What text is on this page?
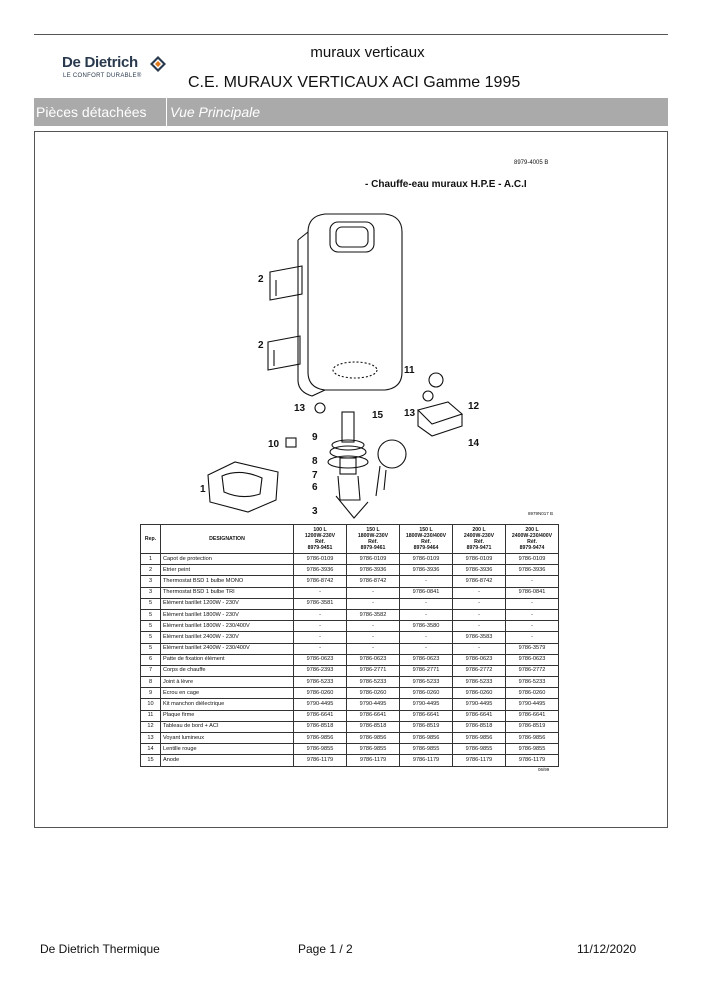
De Dietrich
LE CONFORT DURABLE®
muraux verticaux
C.E. MURAUX VERTICAUX ACI Gamme 1995
Pièces détachées	Vue Principale
8979-4005 B
- Chauffe-eau muraux H.P.E - A.C.I
2
2
13
15
11
12
13
14
10
9
8
7
6
1
3	8979N017 B
Rep.	DESIGNATION	100 L
1200W-230V
Réf.
8979-9451	150 L
1800W-230V
Réf.
8979-9461	150 L
1800W-230/400V
Réf.
8979-9464	200 L
2400W-230V
Réf.
8979-9471	200 L
2400W-230/400V
Réf.
8979-9474
1	Capot de protection	9786-0109	9786-0109	9786-0109	9786-0109	9786-0109
2	Etrier peint	9786-3936	9786-3936	9786-3936	9786-3936	9786-3936
3	Thermostat BSD 1 bulbe MONO	9786-8742	9786-8742	-	9786-8742	-
3	Thermostat BSD 1 bulbe TRI	-	-	9786-0841	-	9786-0841
5	Elément barillet 1200W - 230V	9786-3581	-	-	-	-
5	Elément barillet 1800W - 230V	-	9786-3582	-	-	-
5	Elément barillet 1800W - 230/400V	-	-	9786-3580	-	-
5	Elément barillet 2400W - 230V	-	-	-	9786-3583	-
5	Elément barillet 2400W - 230/400V	-	-	-	-	9786-3579
6	Patte de fixation élément	9786-0623	9786-0623	9786-0623	9786-0623	9786-0623
7	Corps de chauffe	9786-2393	9786-2771	9786-2771	9786-2772	9786-2772
8	Joint à lèvre	9786-5233	9786-5233	9786-5233	9786-5233	9786-5233
9	Ecrou en cage	9786-0260	9786-0260	9786-0260	9786-0260	9786-0260
10	Kit manchon diélectrique	9790-4495	9790-4495	9790-4495	9790-4495	9790-4495
11	Plaque firme	9786-6641	9786-6641	9786-6641	9786-6641	9786-6641
12	Tableau de bord + ACI	9786-8518	9786-8518	9786-8519	9786-8518	9786-8519
13	Voyant lumineux	9786-9856	9786-9856	9786-9856	9786-9856	9786-9856
14	Lentille rouge	9786-9855	9786-9855	9786-9855	9786-9855	9786-9855
15	Anode	9786-1179	9786-1179	9786-1179	9786-1179	9786-1179
06/99
De Dietrich Thermique	Page 1 / 2	11/12/2020
